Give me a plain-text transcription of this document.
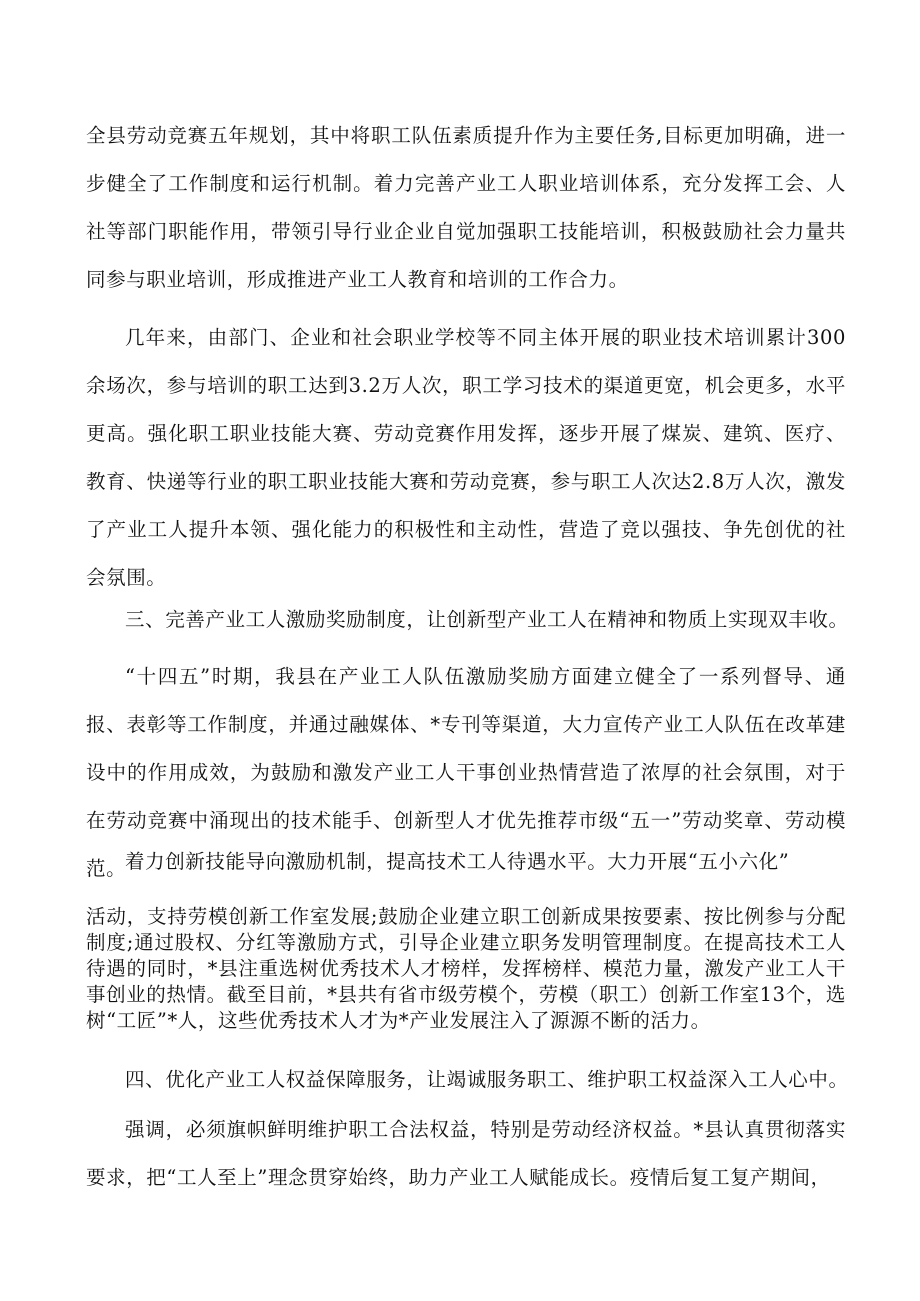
全县劳动竞赛五年规划，其中将职工队伍素质提升作为主要任务,目标更加明确，进一步健全了工作制度和运行机制。着力完善产业工人职业培训体系，充分发挥工会、人社等部门职能作用，带领引导行业企业自觉加强职工技能培训，积极鼓励社会力量共同参与职业培训，形成推进产业工人教育和培训的工作合力。

几年来，由部门、企业和社会职业学校等不同主体开展的职业技术培训累计300余场次，参与培训的职工达到3.2万人次，职工学习技术的渠道更宽，机会更多，水平更高。强化职工职业技能大赛、劳动竞赛作用发挥，逐步开展了煤炭、建筑、医疗、教育、快递等行业的职工职业技能大赛和劳动竞赛，参与职工人次达2.8万人次，激发了产业工人提升本领、强化能力的积极性和主动性，营造了竞以强技、争先创优的社会氛围。

三、完善产业工人激励奖励制度，让创新型产业工人在精神和物质上实现双丰收。

“十四五”时期，我县在产业工人队伍激励奖励方面建立健全了一系列督导、通报、表彰等工作制度，并通过融媒体、*专刊等渠道，大力宣传产业工人队伍在改革建设中的作用成效，为鼓励和激发产业工人干事创业热情营造了浓厚的社会氛围，对于在劳动竞赛中涌现出的技术能手、创新型人才优先推荐市级“五一”劳动奖章、劳动模范。

着力创新技能导向激励机制，提高技术工人待遇水平。大力开展“五小六化”

活动，支持劳模创新工作室发展;鼓励企业建立职工创新成果按要素、按比例参与分配制度;通过股权、分红等激励方式，引导企业建立职务发明管理制度。在提高技术工人待遇的同时，*县注重选树优秀技术人才榜样，发挥榜样、模范力量，激发产业工人干事创业的热情。截至目前，*县共有省市级劳模个，劳模（职工）创新工作室13个，选树“工匠”*人，这些优秀技术人才为*产业发展注入了源源不断的活力。

四、优化产业工人权益保障服务，让竭诚服务职工、维护职工权益深入工人心中。

强调，必须旗帜鲜明维护职工合法权益，特别是劳动经济权益。*县认真贯彻落实要求，把“工人至上”理念贯穿始终，助力产业工人赋能成长。疫情后复工复产期间，
